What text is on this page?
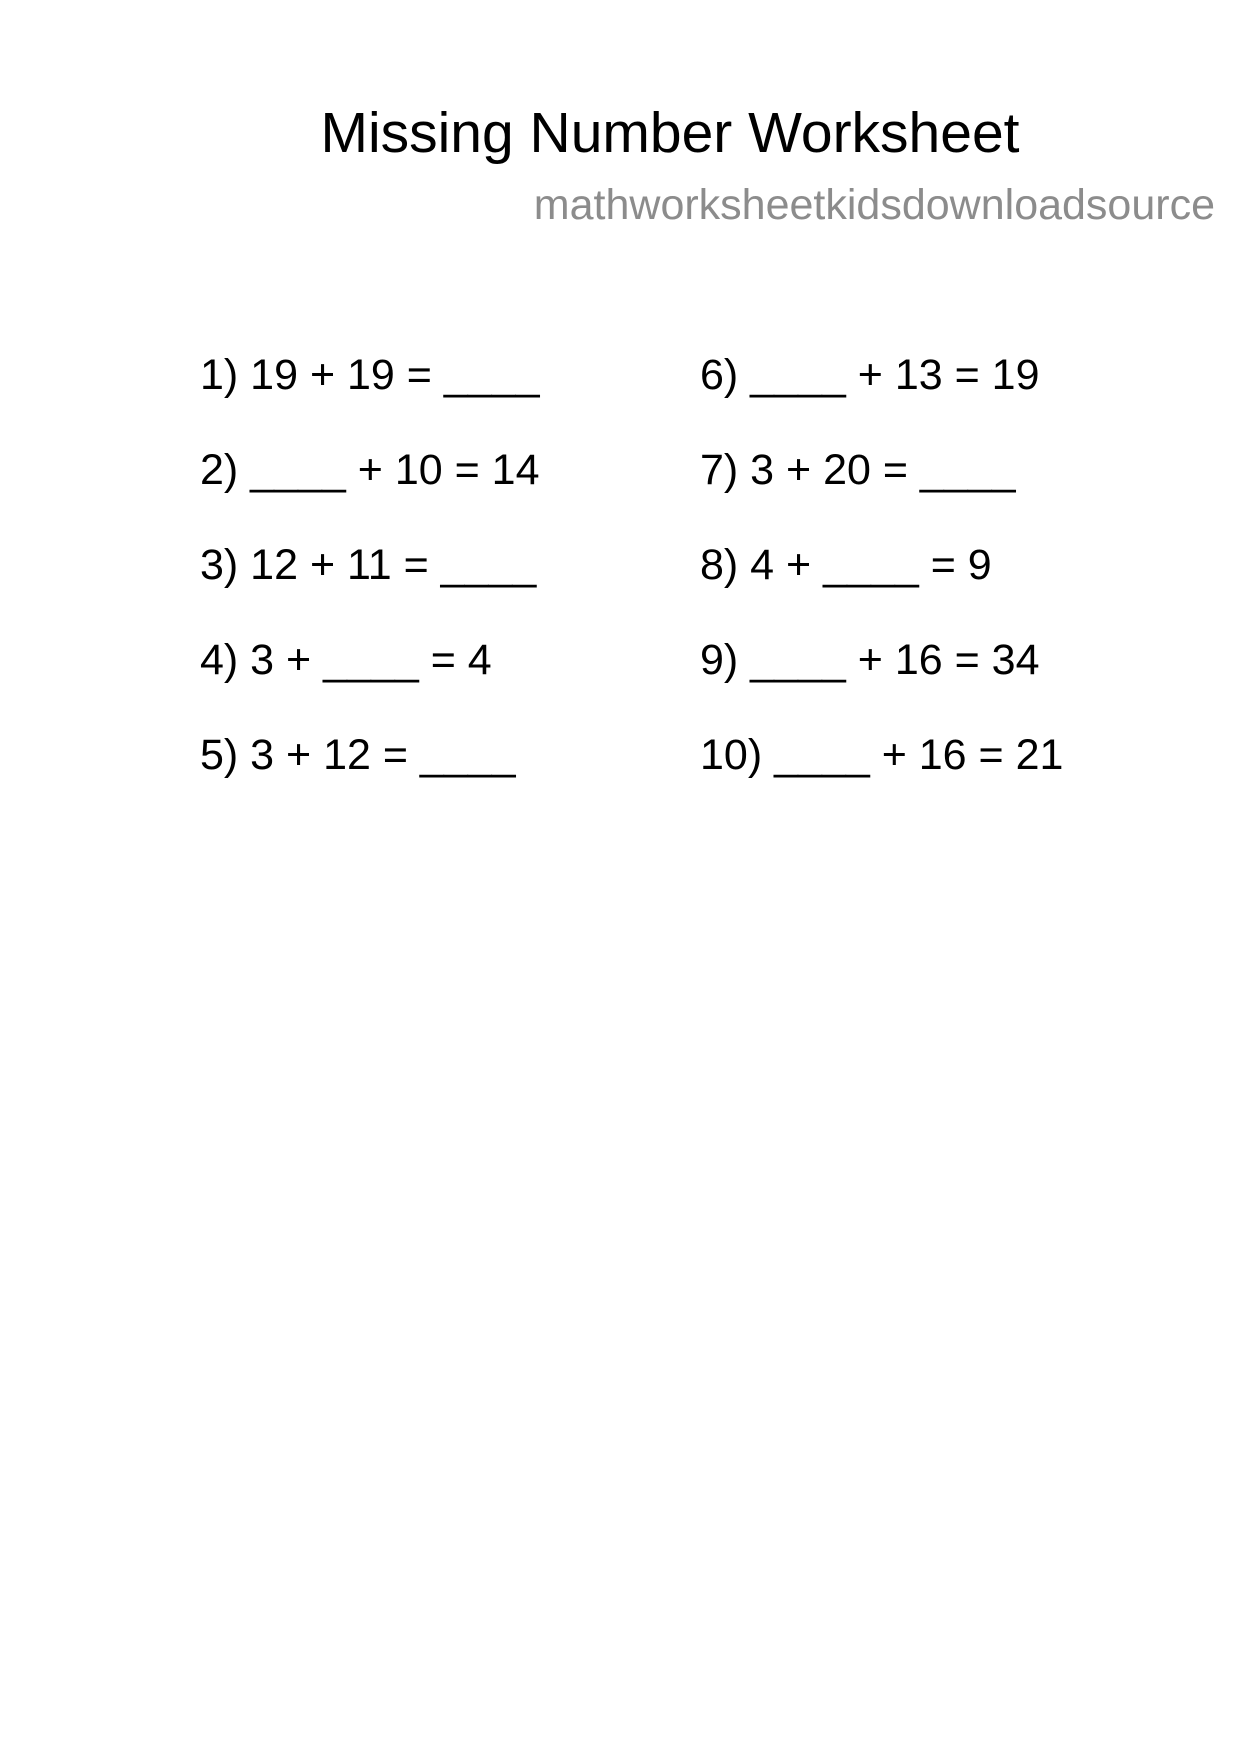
Missing Number Worksheet

mathworksheetkidsdownloadsource

1) 19 + 19 = ____
2) ____ + 10 = 14
3) 12 + 11 = ____
4) 3 + ____ = 4
5) 3 + 12 = ____
6) ____ + 13 = 19
7) 3 + 20 = ____
8) 4 + ____ = 9
9) ____ + 16 = 34
10) ____ + 16 = 21
